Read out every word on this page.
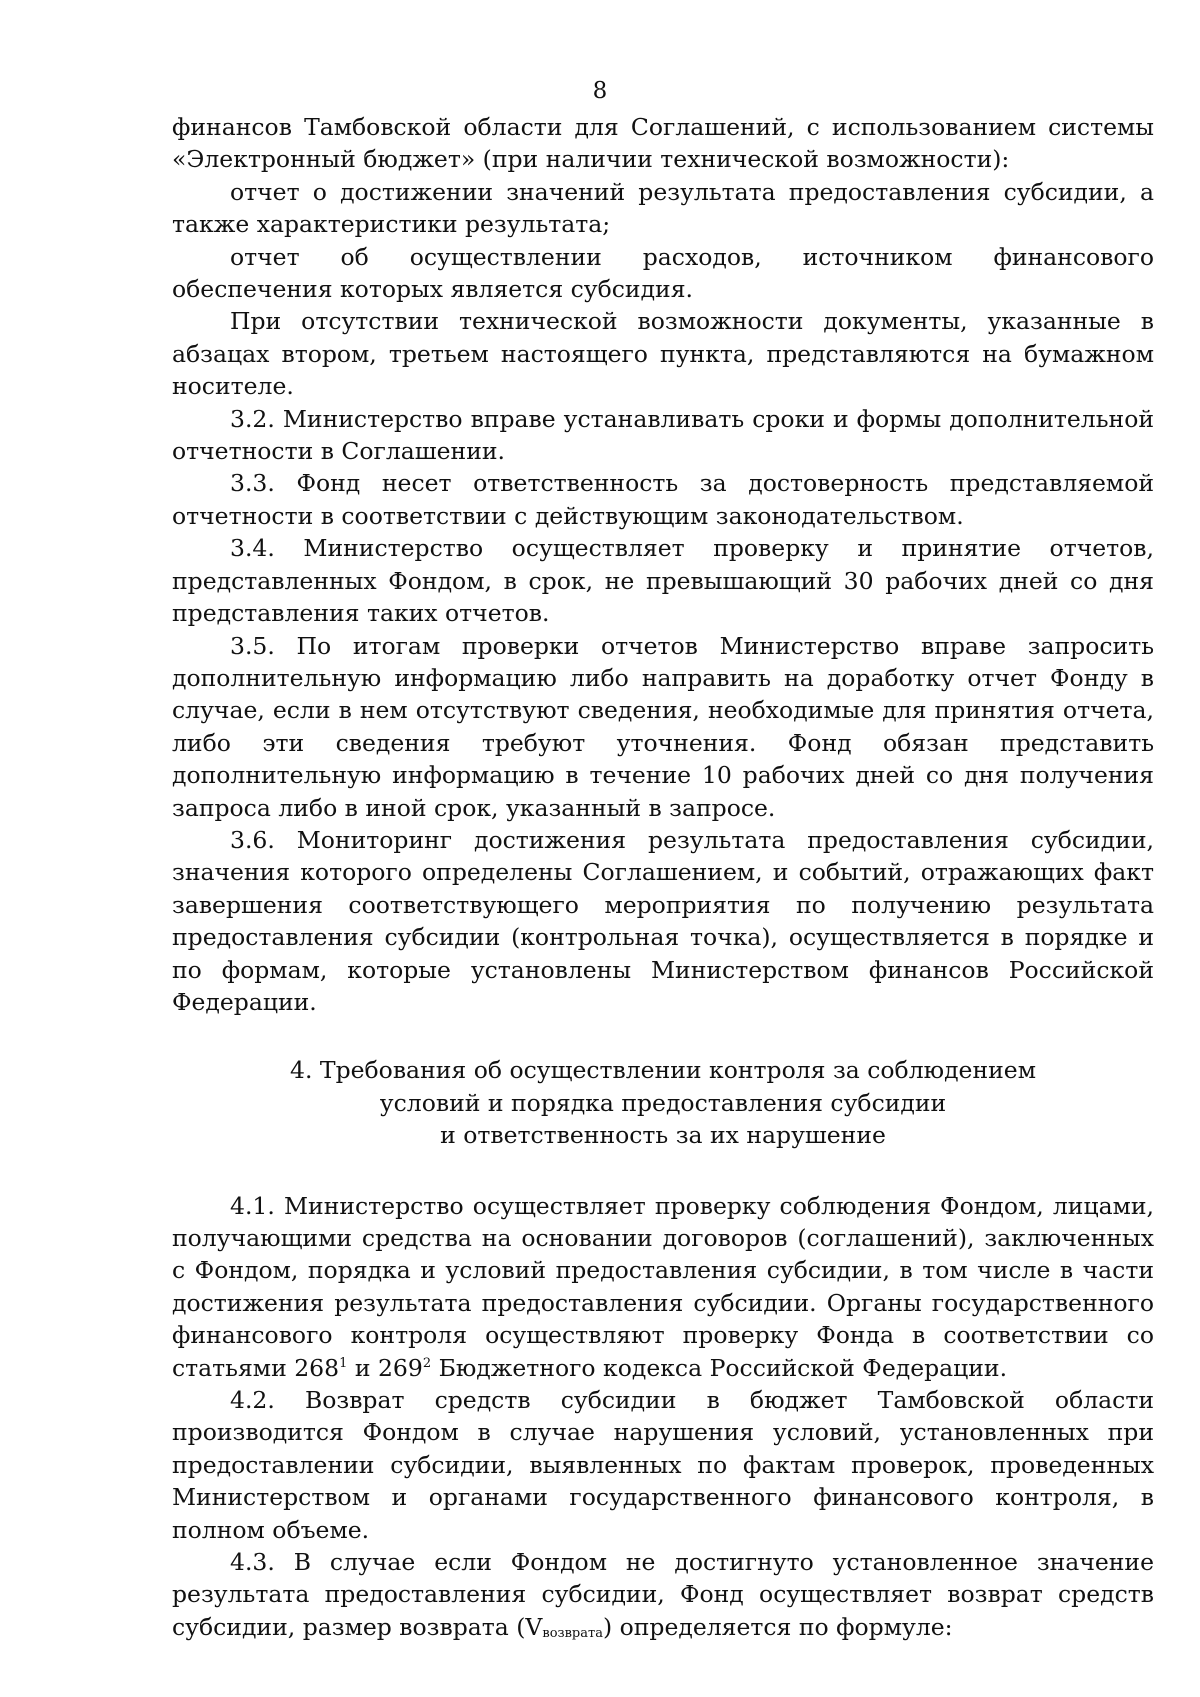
8

финансов Тамбовской области для Соглашений, с использованием системы «Электронный бюджет» (при наличии технической возможности):

отчет о достижении значений результата предоставления субсидии, а также характеристики результата;

отчет об осуществлении расходов, источником финансового обеспечения которых является субсидия.

При отсутствии технической возможности документы, указанные в абзацах втором, третьем настоящего пункта, представляются на бумажном носителе.

3.2. Министерство вправе устанавливать сроки и формы дополнительной отчетности в Соглашении.

3.3. Фонд несет ответственность за достоверность представляемой отчетности в соответствии с действующим законодательством.

3.4. Министерство осуществляет проверку и принятие отчетов, представленных Фондом, в срок, не превышающий 30 рабочих дней со дня представления таких отчетов.

3.5. По итогам проверки отчетов Министерство вправе запросить дополнительную информацию либо направить на доработку отчет Фонду в случае, если в нем отсутствуют сведения, необходимые для принятия отчета, либо эти сведения требуют уточнения. Фонд обязан представить дополнительную информацию в течение 10 рабочих дней со дня получения запроса либо в иной срок, указанный в запросе.

3.6. Мониторинг достижения результата предоставления субсидии, значения которого определены Соглашением, и событий, отражающих факт завершения соответствующего мероприятия по получению результата предоставления субсидии (контрольная точка), осуществляется в порядке и по формам, которые установлены Министерством финансов Российской Федерации.

4. Требования об осуществлении контроля за соблюдением
условий и порядка предоставления субсидии
и ответственность за их нарушение

4.1. Министерство осуществляет проверку соблюдения Фондом, лицами, получающими средства на основании договоров (соглашений), заключенных с Фондом, порядка и условий предоставления субсидии, в том числе в части достижения результата предоставления субсидии. Органы государственного финансового контроля осуществляют проверку Фонда в соответствии со статьями $268^1$ и $269^2$ Бюджетного кодекса Российской Федерации.

4.2. Возврат средств субсидии в бюджет Тамбовской области производится Фондом в случае нарушения условий, установленных при предоставлении субсидии, выявленных по фактам проверок, проведенных Министерством и органами государственного финансового контроля, в полном объеме.

4.3. В случае если Фондом не достигнуто установленное значение результата предоставления субсидии, Фонд осуществляет возврат средств субсидии, размер возврата $(V_{возврата})$ определяется по формуле:
